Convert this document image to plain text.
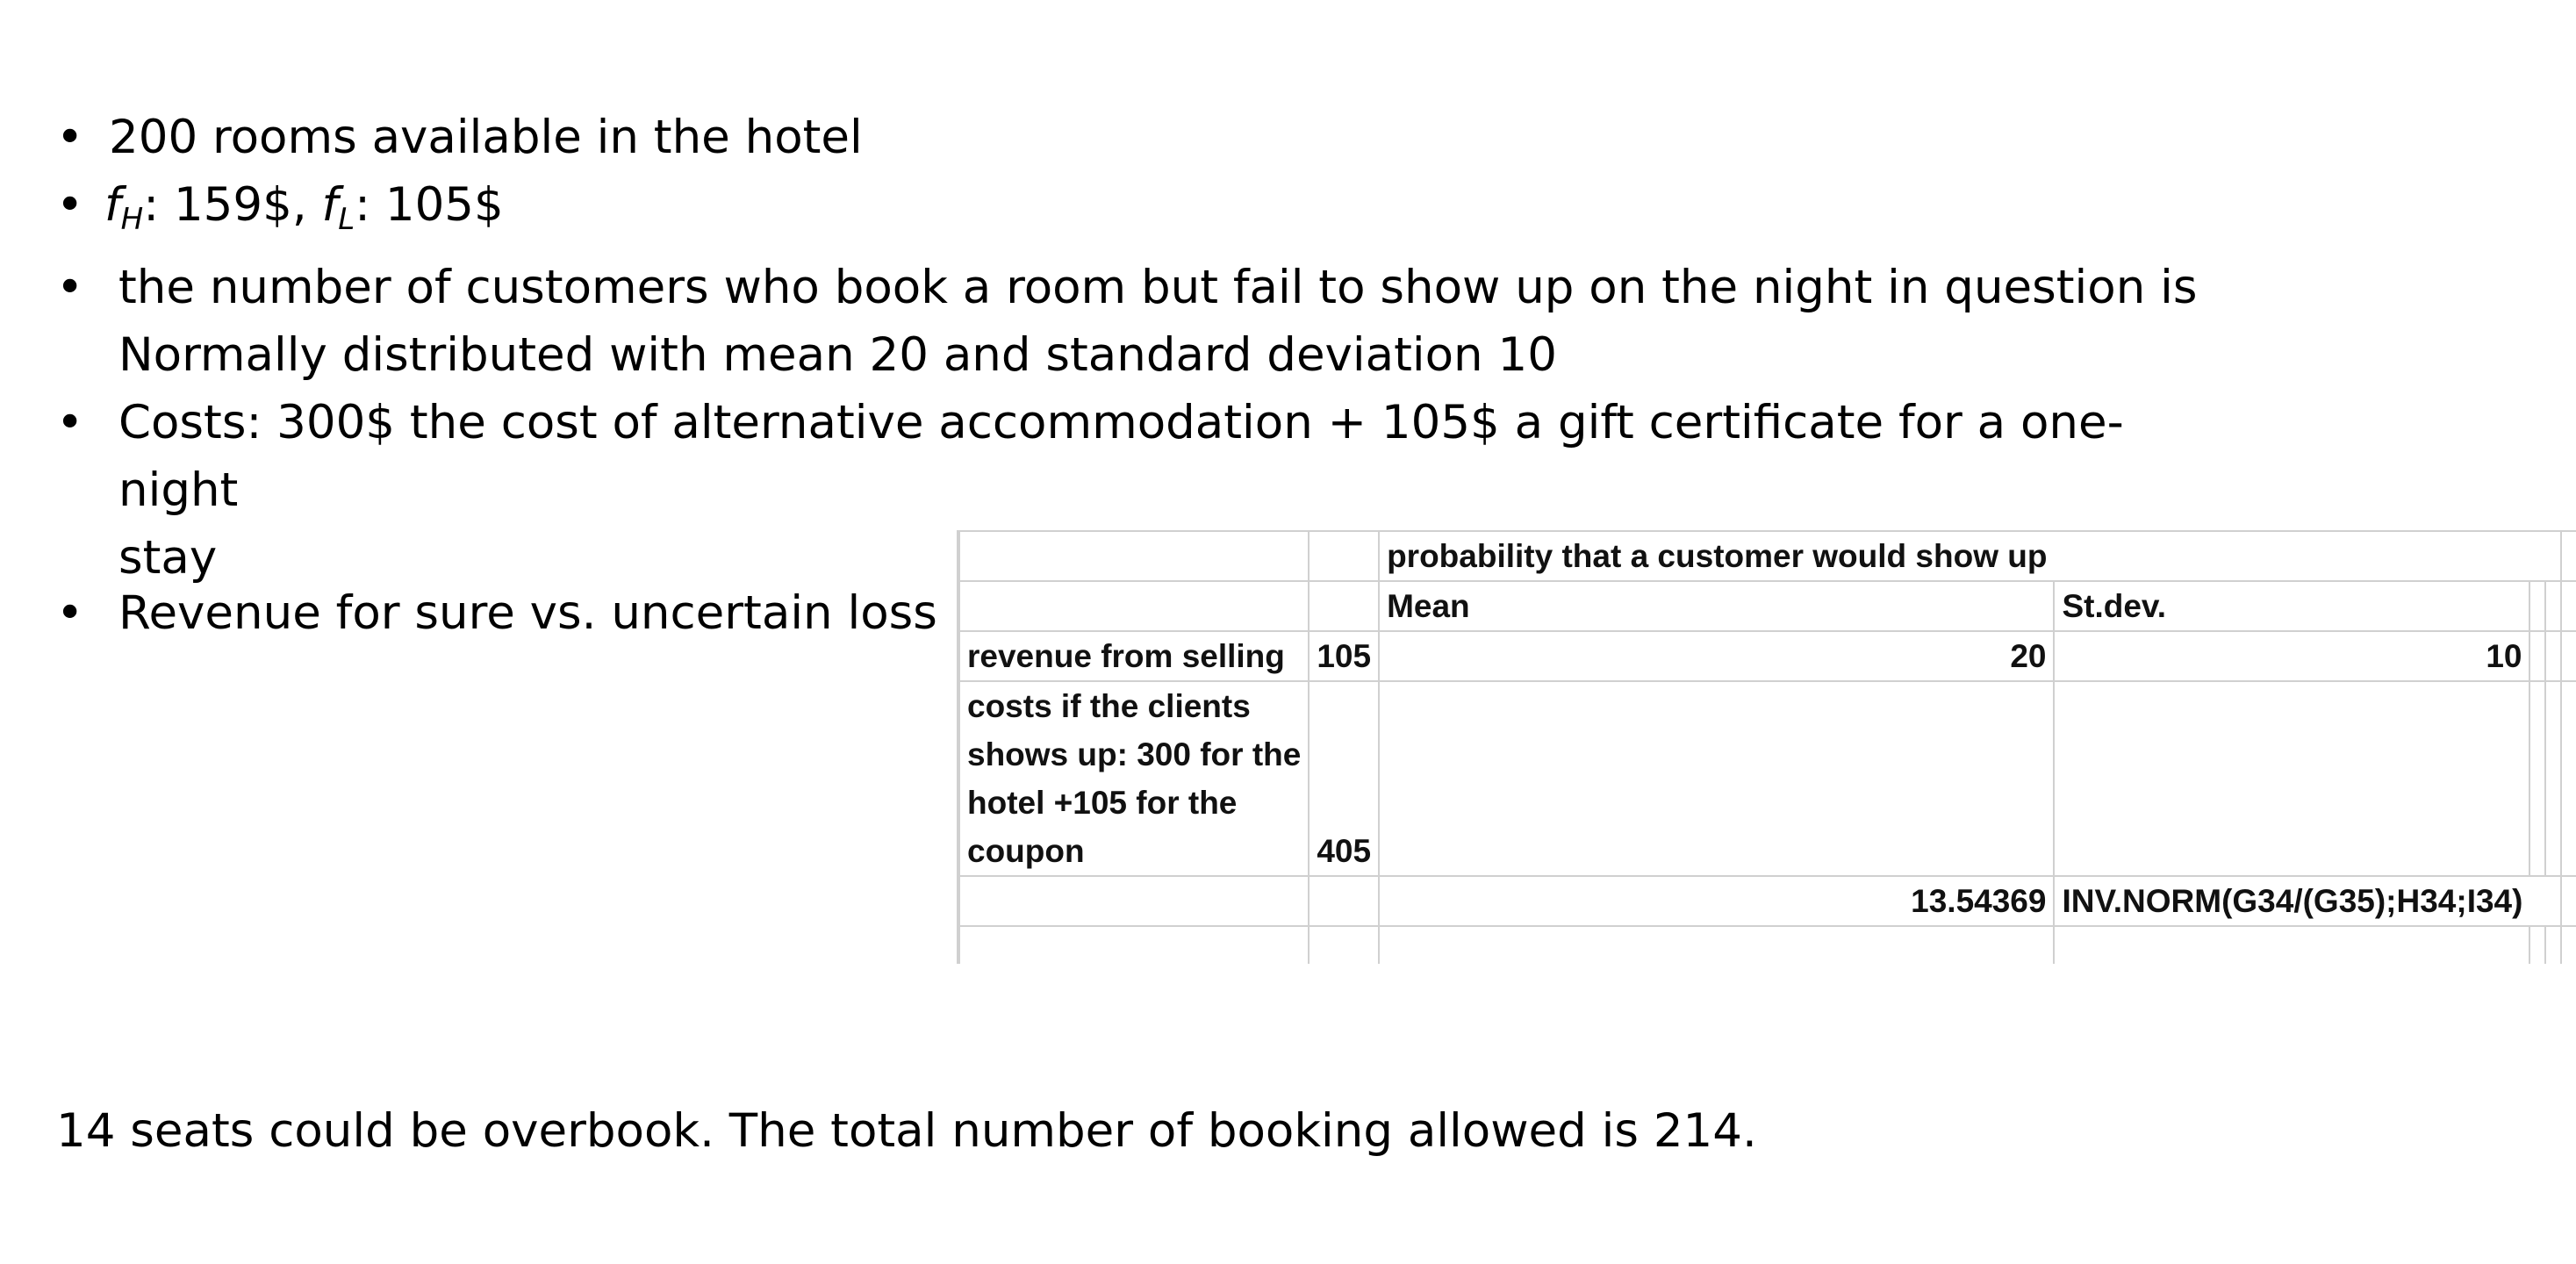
• 200 rooms available in the hotel
• $f_H$: 159$, $f_L$: 105$
• the number of customers who book a room but fail to show up on the night in question is
Normally distributed with mean 20 and standard deviation 10
• Costs: 300$ the cost of alternative accommodation + 105$ a gift certificate for a one-night
stay

• Revenue for sure vs. uncertain loss

			probability that a customer would show up				
			Mean	St.dev.			
	revenue from selling	105	20	10			
	costs if the clients						
	shows up: 300 for the						
	hotel +105 for the						
	coupon	405					
			13.54369	INV.NORM(G34/(G35);H34;I34)			

14 seats could be overbook. The total number of booking allowed is 214.
